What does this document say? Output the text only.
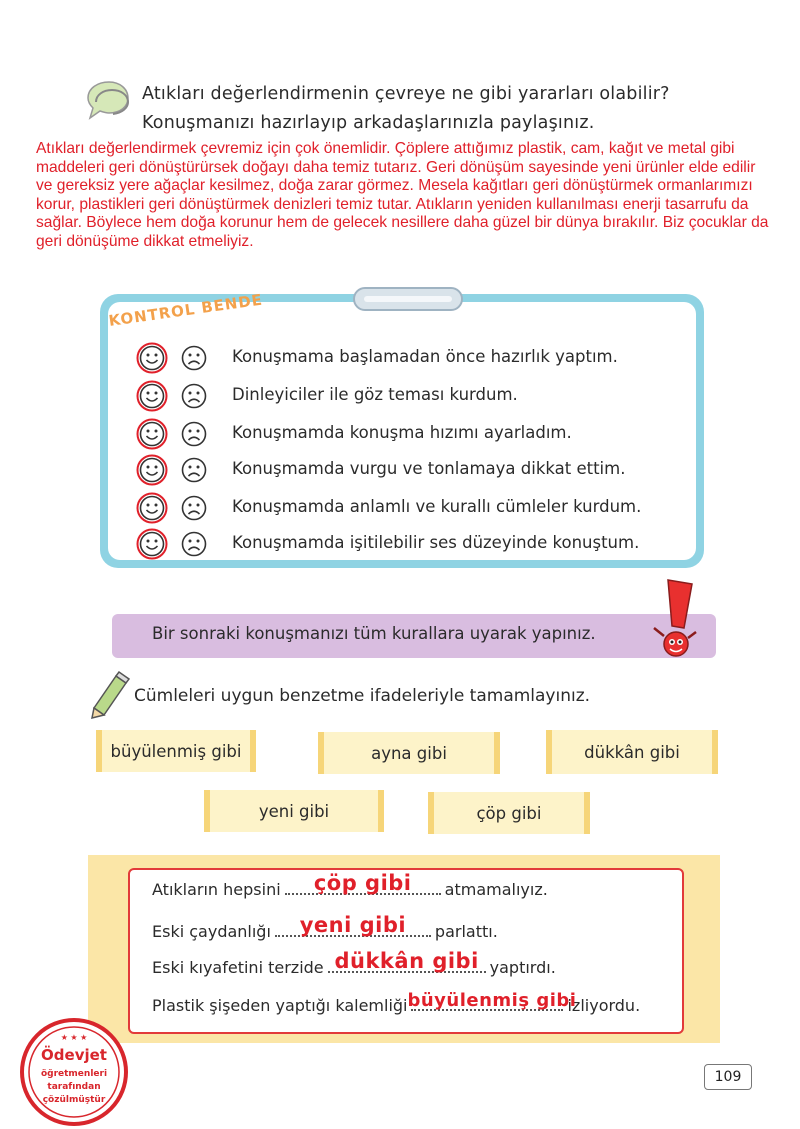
Atıkları değerlendirmenin çevreye ne gibi yararları olabilir?
Konuşmanızı hazırlayıp arkadaşlarınızla paylaşınız.
Atıkları değerlendirmek çevremiz için çok önemlidir. Çöplere attığımız plastik, cam, kağıt ve metal gibi maddeleri geri dönüştürürsek doğayı daha temiz tutarız. Geri dönüşüm sayesinde yeni ürünler elde edilir ve gereksiz yere ağaçlar kesilmez, doğa zarar görmez. Mesela kağıtları geri dönüştürmek ormanlarımızı korur, plastikleri geri dönüştürmek denizleri temiz tutar. Atıkların yeniden kullanılması enerji tasarrufu da sağlar. Böylece hem doğa korunur hem de gelecek nesillere daha güzel bir dünya bırakılır. Biz çocuklar da geri dönüşüme dikkat etmeliyiz.
KONTROL BENDE
Konuşmama başlamadan önce hazırlık yaptım.
Dinleyiciler ile göz teması kurdum.
Konuşmamda konuşma hızımı ayarladım.
Konuşmamda vurgu ve tonlamaya dikkat ettim.
Konuşmamda anlamlı ve kurallı cümleler kurdum.
Konuşmamda işitilebilir ses düzeyinde konuştum.
Bir sonraki konuşmanızı tüm kurallara uyarak yapınız.
Cümleleri uygun benzetme ifadeleriyle tamamlayınız.
büyülenmiş gibi	ayna gibi	dükkân gibi
yeni gibi	çöp gibi
Atıkların hepsini	çöp gibi	atmamalıyız.
Eski çaydanlığı	yeni gibi	parlattı.
Eski kıyafetini terzide dükkân gibi yaptırdı.
Plastik şişeden yaptığı kalemliği büyülenmiş gibi
izliyordu.
★ ★ ★
Ödevjet
öğretmenleri
tarafından
çözülmüştür
109
